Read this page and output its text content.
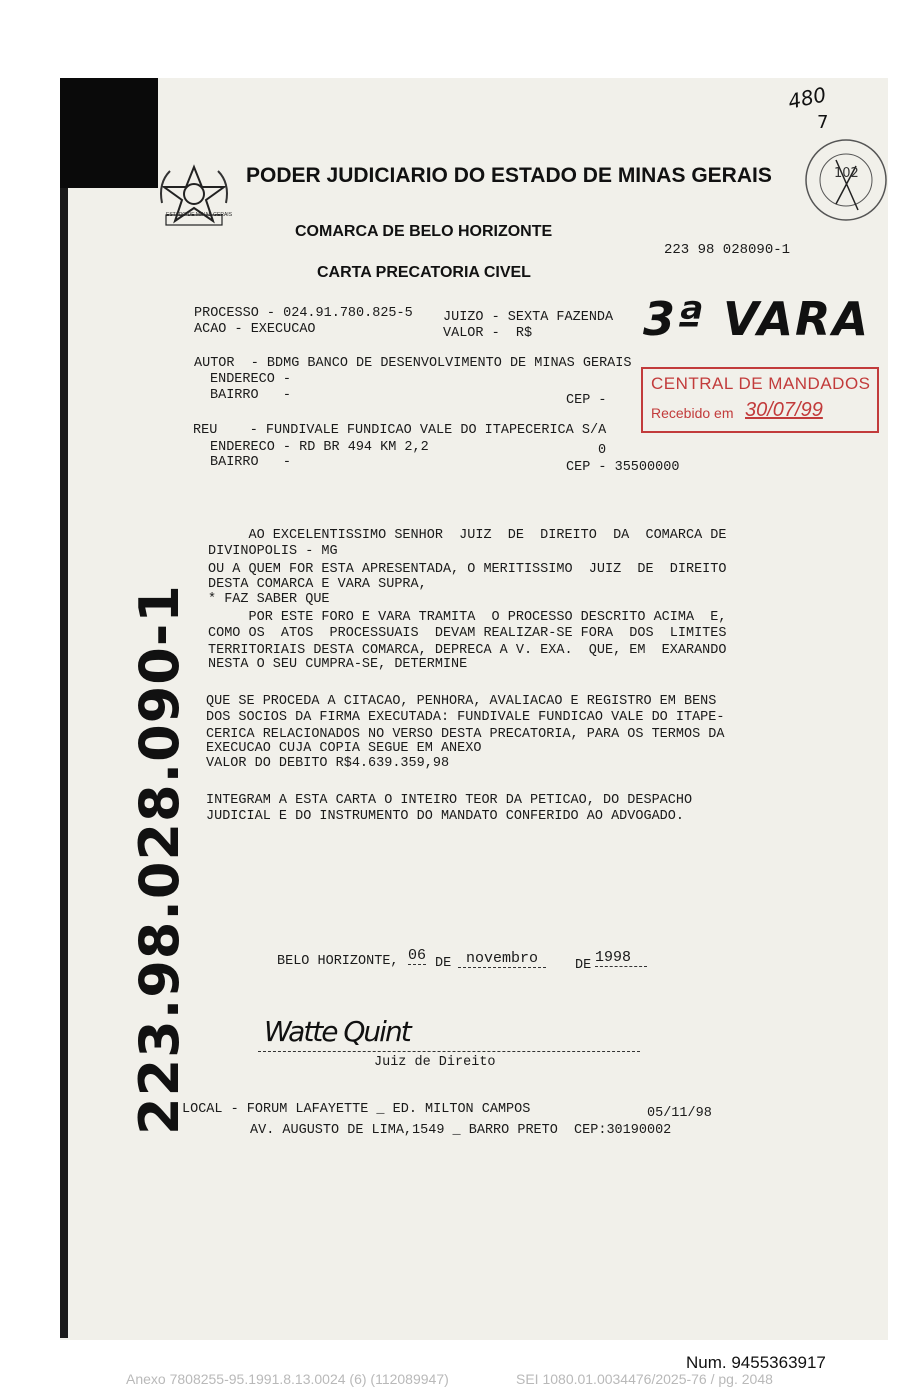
ESTADO DE MINAS GERAIS
PODER JUDICIARIO DO ESTADO DE MINAS GERAIS
COMARCA DE BELO HORIZONTE
CARTA PRECATORIA CIVEL
223 98 028090-1
102
480
7
3ª VARA
CENTRAL DE MANDADOS
Recebido em 30/07/99
PROCESSO - 024.91.780.825-5 JUIZO - SEXTA FAZENDA
ACAO - EXECUCAO	VALOR -  R$
AUTOR  - BDMG BANCO DE DESENVOLVIMENTO DE MINAS GERAIS
ENDERECO -
BAIRRO   -	CEP -
REU    - FUNDIVALE FUNDICAO VALE DO ITAPECERICA S/A
ENDERECO - RD BR 494 KM 2,2	0
BAIRRO   -	CEP - 35500000
AO EXCELENTISSIMO SENHOR  JUIZ  DE  DIREITO  DA  COMARCA DE
DIVINOPOLIS - MG
OU A QUEM FOR ESTA APRESENTADA, O MERITISSIMO  JUIZ  DE  DIREITO
DESTA COMARCA E VARA SUPRA,
* FAZ SABER QUE
POR ESTE FORO E VARA TRAMITA  O PROCESSO DESCRITO ACIMA  E,
COMO OS  ATOS  PROCESSUAIS  DEVAM REALIZAR-SE FORA  DOS  LIMITES
TERRITORIAIS DESTA COMARCA, DEPRECA A V. EXA.  QUE, EM  EXARANDO
NESTA O SEU CUMPRA-SE, DETERMINE
QUE SE PROCEDA A CITACAO, PENHORA, AVALIACAO E REGISTRO EM BENS
DOS SOCIOS DA FIRMA EXECUTADA: FUNDIVALE FUNDICAO VALE DO ITAPE-
CERICA RELACIONADOS NO VERSO DESTA PRECATORIA, PARA OS TERMOS DA
EXECUCAO CUJA COPIA SEGUE EM ANEXO
VALOR DO DEBITO R$4.639.359,98
INTEGRAM A ESTA CARTA O INTEIRO TEOR DA PETICAO, DO DESPACHO
JUDICIAL E DO INSTRUMENTO DO MANDATO CONFERIDO AO ADVOGADO.
BELO HORIZONTE, 06 DE novembro	DE 1998
Watte Quint
Juiz de Direito
LOCAL - FORUM LAFAYETTE _ ED. MILTON CAMPOS	05/11/98
AV. AUGUSTO DE LIMA,1549 _ BARRO PRETO  CEP:30190002
223.98.028.090-1
Num. 9455363917
Anexo 7808255-95.1991.8.13.0024 (6) (112089947)	SEI 1080.01.0034476/2025-76 / pg. 2048
